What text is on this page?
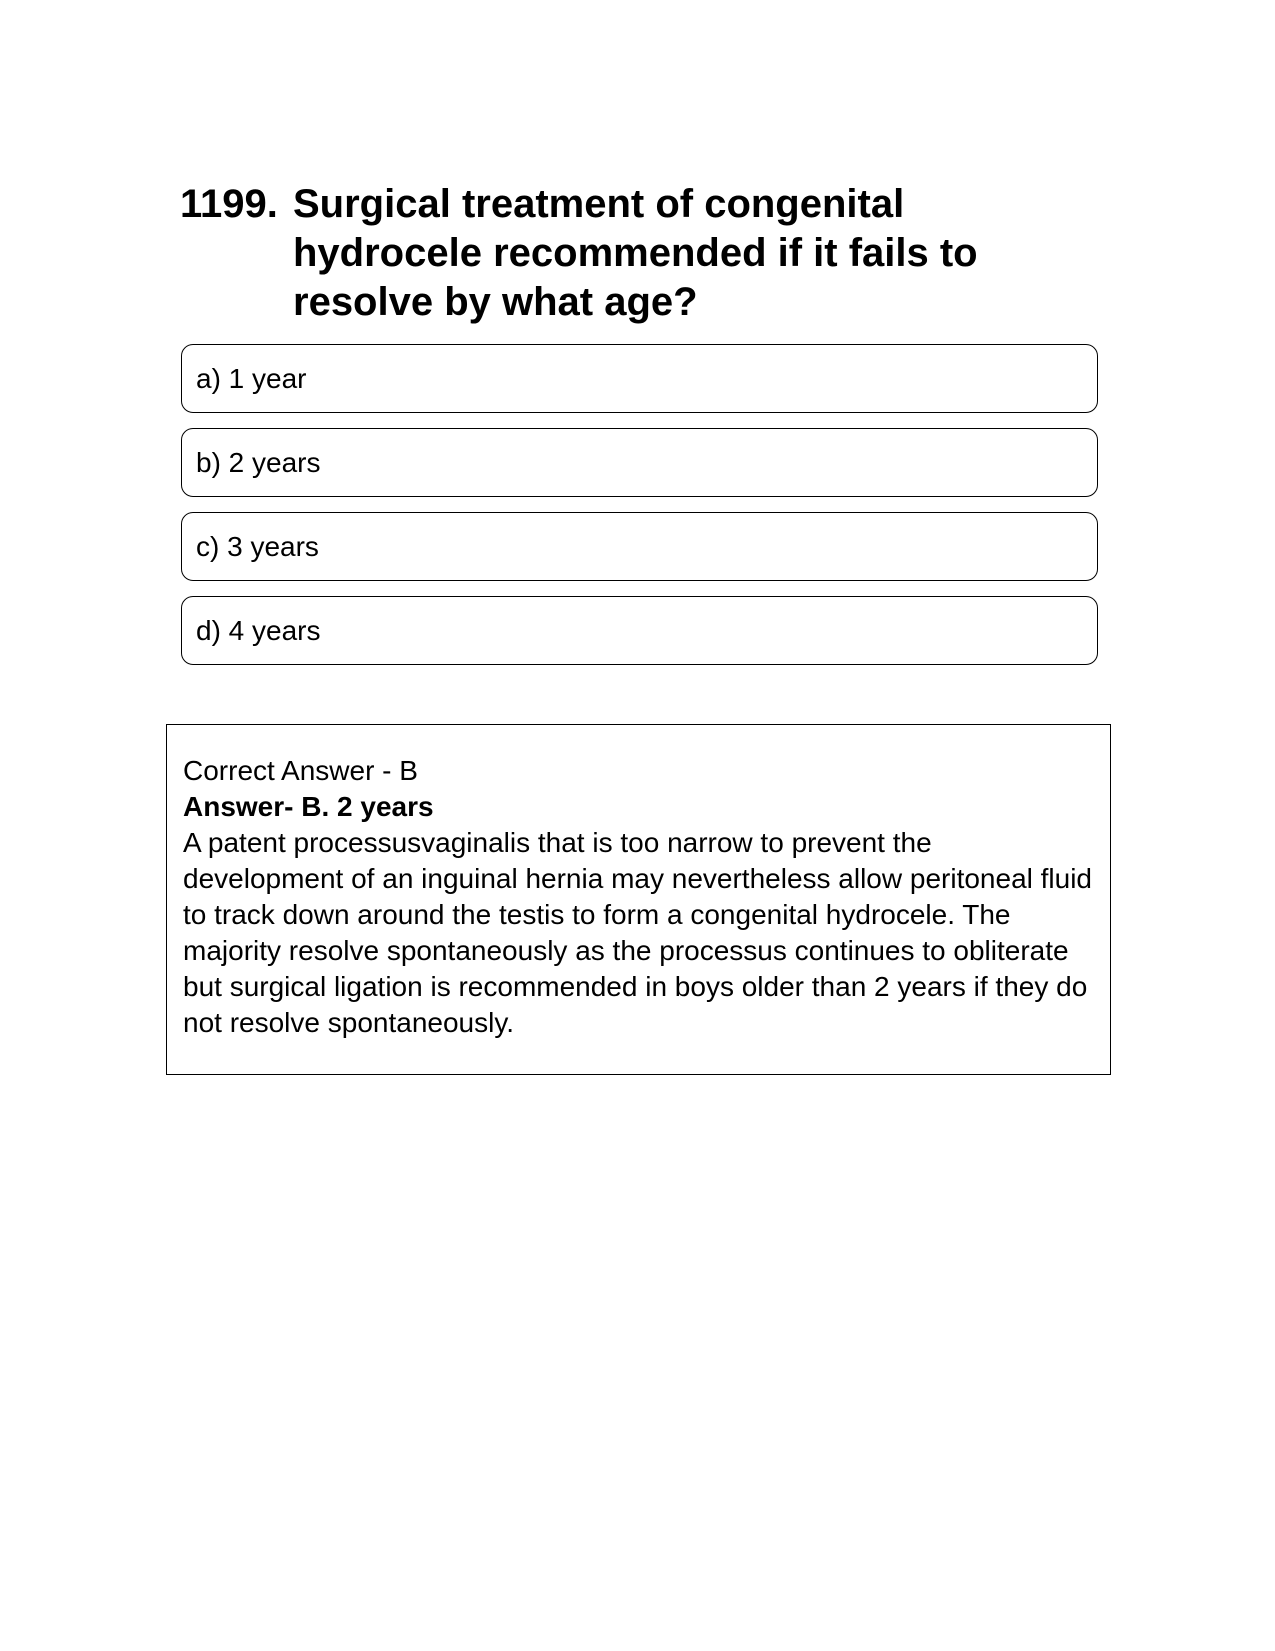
1199. Surgical treatment of congenital hydrocele recommended if it fails to resolve by what age?
a) 1 year
b) 2 years
c) 3 years
d) 4 years

Correct Answer - B

Answer- B. 2 years

A patent processusvaginalis that is too narrow to prevent the development of an inguinal hernia may nevertheless allow peritoneal fluid to track down around the testis to form a congenital hydrocele. The majority resolve spontaneously as the processus continues to obliterate but surgical ligation is recommended in boys older than 2 years if they do not resolve spontaneously.
